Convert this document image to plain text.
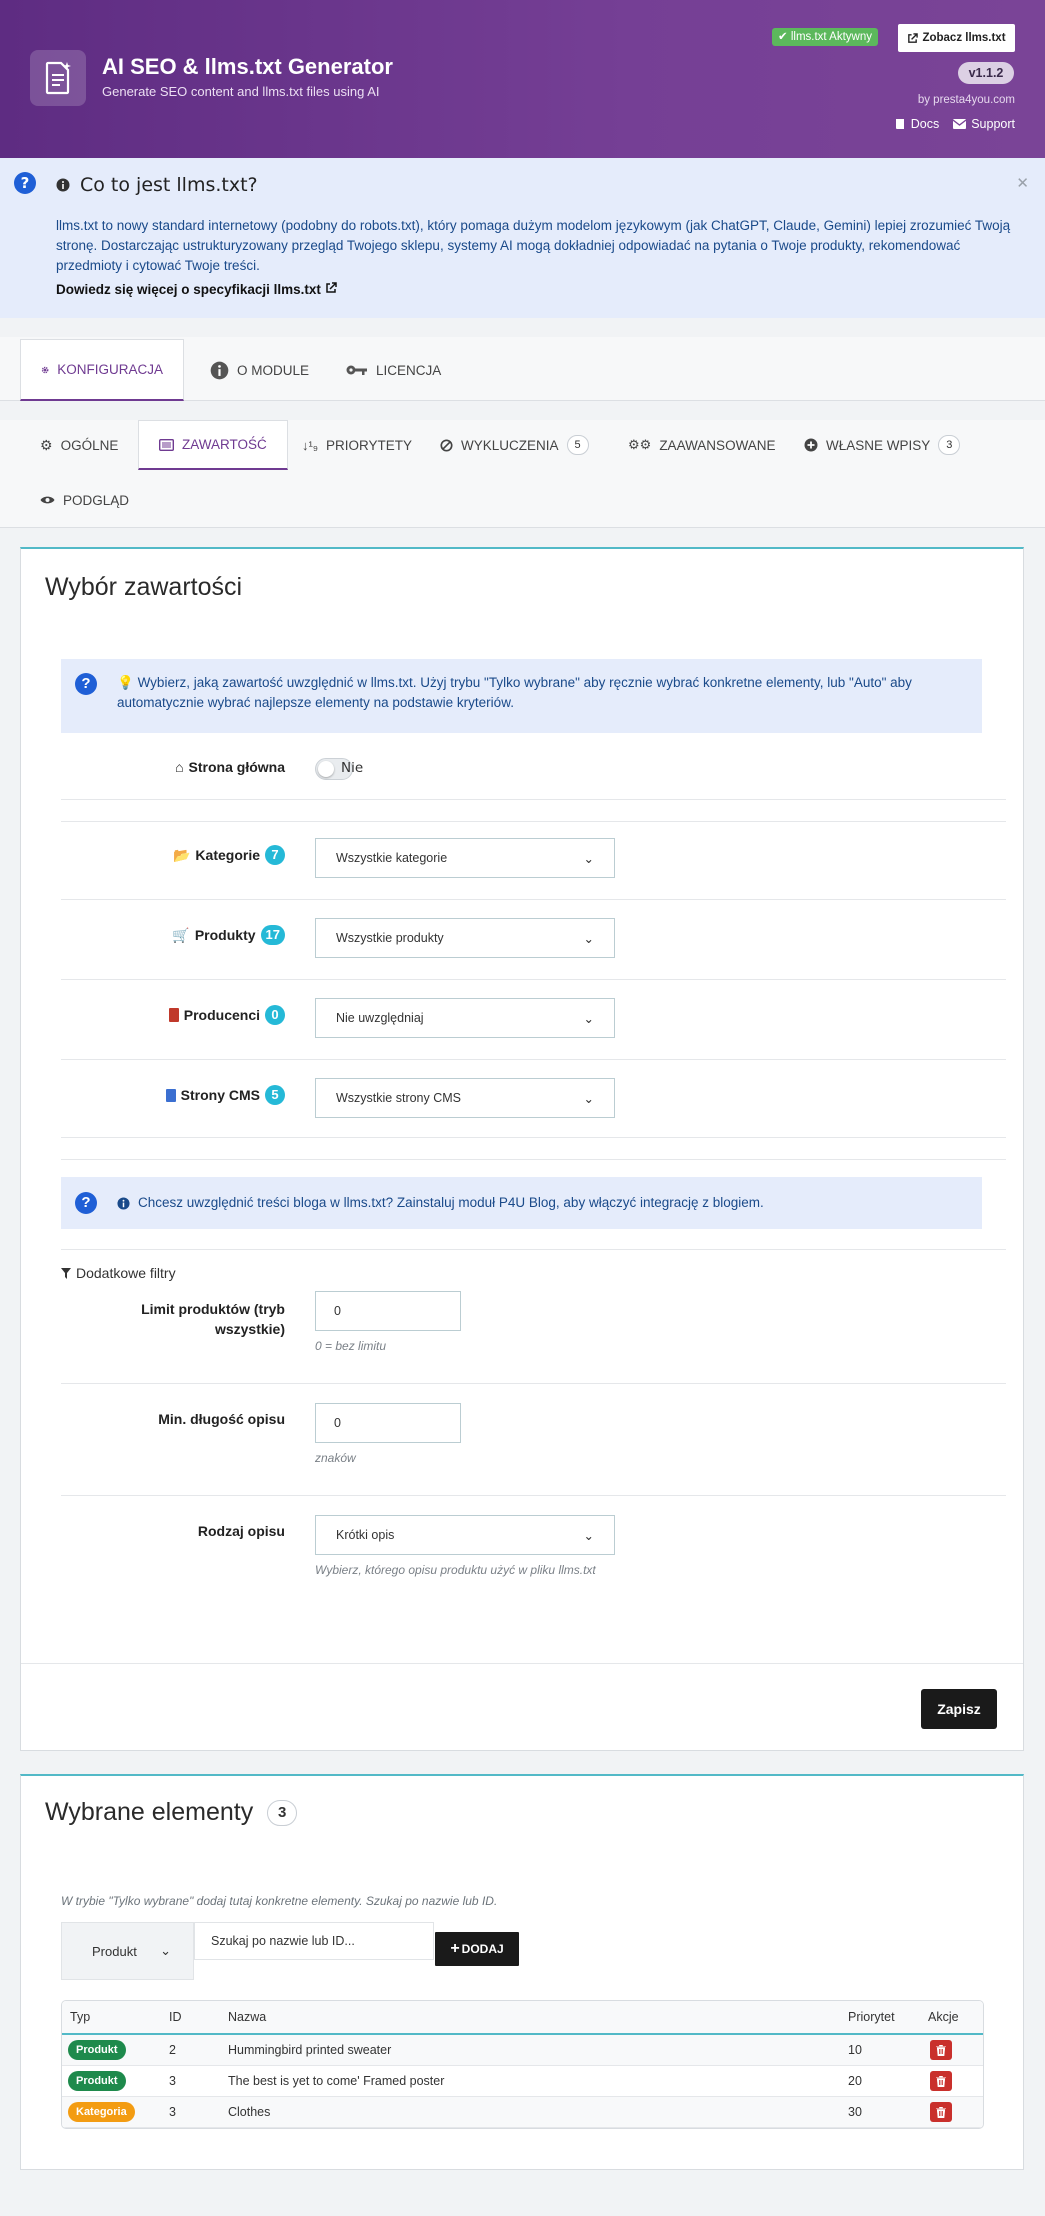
AI SEO & llms.txt Generator
Generate SEO content and llms.txt files using AI
✔ llms.txt Aktywny	Zobacz llms.txt
v1.1.2
by presta4you.com
Docs	Support
?	Co to jest llms.txt?	✕
llms.txt to nowy standard internetowy (podobny do robots.txt), który pomaga dużym modelom językowym (jak ChatGPT, Claude, Gemini) lepiej zrozumieć Twoją stronę. Dostarczając ustrukturyzowany przegląd Twojego sklepu, systemy AI mogą dokładniej odpowiadać na pytania o Twoje produkty, rekomendować przedmioty i cytować Twoje treści.
Dowiedz się więcej o specyfikacji llms.txt
KONFIGURACJA	O MODULE	LICENCJA
⚙ OGÓLNE	ZAWARTOŚĆ	↓¹₉ PRIORYTETY	WYKLUCZENIA	5	⚙⚙ ZAAWANSOWANE	WŁASNE WPISY	3
PODGLĄD
Wybór zawartości
?	💡 Wybierz, jaką zawartość uwzględnić w llms.txt. Użyj trybu "Tylko wybrane" aby ręcznie wybrać konkretne elementy, lub "Auto" aby automatycznie wybrać najlepsze elementy na podstawie kryteriów.
⌂ Strona główna	Nie
📂 Kategorie 7	Wszystkie kategorie	⌄
🛒 Produkty 17	Wszystkie produkty	⌄
Producenci 0	Nie uwzględniaj	⌄
Strony CMS 5	Wszystkie strony CMS	⌄
?	Chcesz uwzględnić treści bloga w llms.txt? Zainstaluj moduł P4U Blog, aby włączyć integrację z blogiem.
Dodatkowe filtry
Limit produktów (tryb wszystkie)
0
0 = bez limitu
Min. długość opisu	0
znaków
Rodzaj opisu	Krótki opis	⌄
Wybierz, którego opisu produktu użyć w pliku llms.txt
Zapisz
Wybrane elementy	3
W trybie "Tylko wybrane" dodaj tutaj konkretne elementy. Szukaj po nazwie lub ID.
Produkt ⌄
Szukaj po nazwie lub ID...	+ DODAJ
Typ	ID	Nazwa	Priorytet	Akcje
Produkt	2	Hummingbird printed sweater	10
Produkt	3	The best is yet to come' Framed poster	20
Kategoria	3	Clothes	30
